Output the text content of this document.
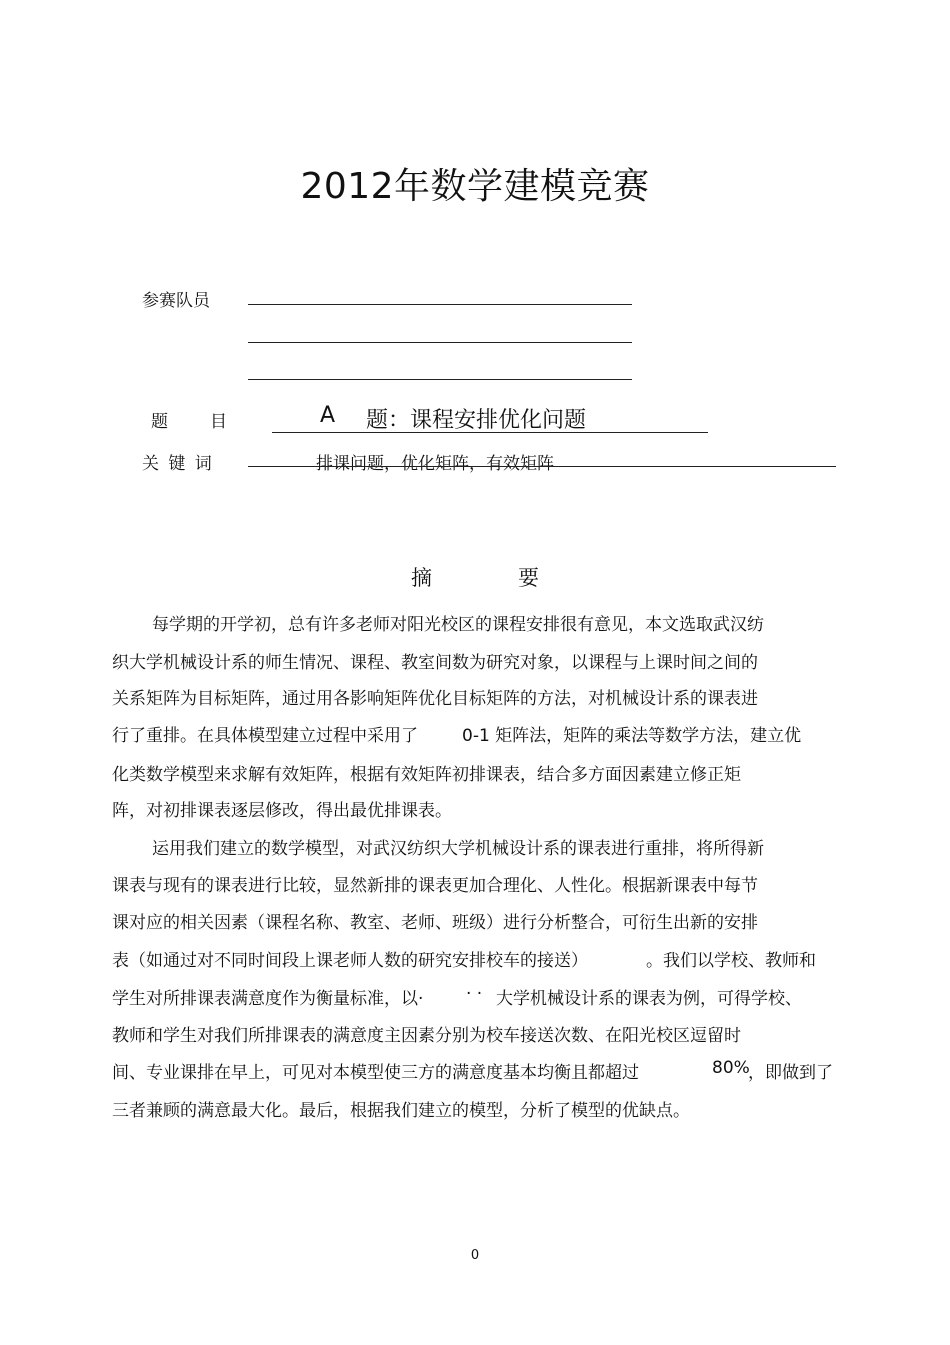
2012年数学建模竞赛
参赛队员
题 目	A 题：课程安排优化问题
关 键 词	排课问题，优化矩阵，有效矩阵
摘	要
每学期的开学初，总有许多老师对阳光校区的课程安排很有意见，本文选取武汉纺
织大学机械设计系的师生情况、课程、教室间数为研究对象，以课程与上课时间之间的
关系矩阵为目标矩阵，通过用各影响矩阵优化目标矩阵的方法，对机械设计系的课表进
行了重排。在具体模型建立过程中采用了	0-1 矩阵法，矩阵的乘法等数学方法，建立优
化类数学模型来求解有效矩阵，根据有效矩阵初排课表，结合多方面因素建立修正矩
阵，对初排课表逐层修改，得出最优排课表。
运用我们建立的数学模型，对武汉纺织大学机械设计系的课表进行重排，将所得新
课表与现有的课表进行比较，显然新排的课表更加合理化、人性化。根据新课表中每节
课对应的相关因素（课程名称、教室、老师、班级）进行分析整合，可衍生出新的安排
表（如通过对不同时间段上课老师人数的研究安排校车的接送）	。我们以学校、教师和
学生对所排课表满意度作为衡量标准，以·	· · 大学机械设计系的课表为例，可得学校、
教师和学生对我们所排课表的满意度主因素分别为校车接送次数、在阳光校区逗留时
间、专业课排在早上，可见对本模型使三方的满意度基本均衡且都超过	80%
，即做到了
三者兼顾的满意最大化。最后，根据我们建立的模型，分析了模型的优缺点。
0
